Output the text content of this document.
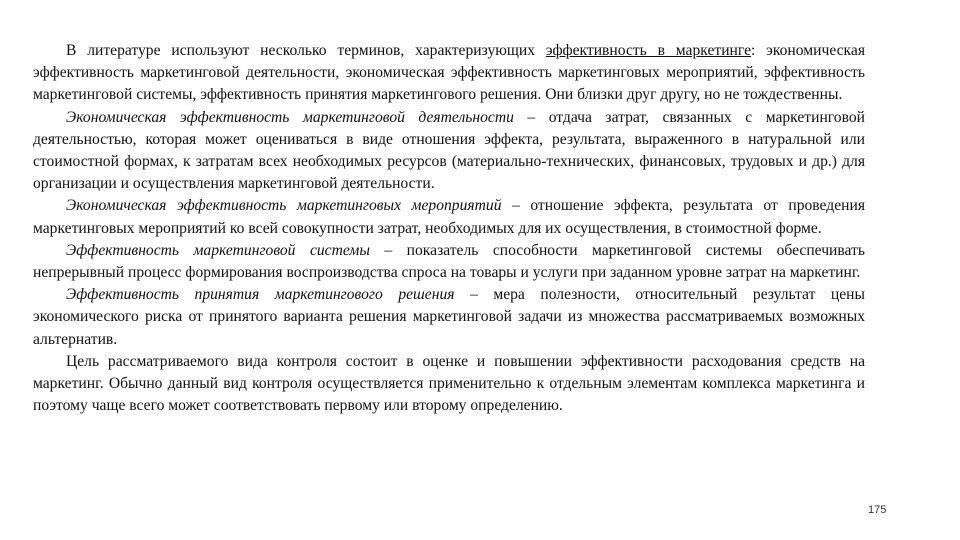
В литературе используют несколько терминов, характеризующих эффективность в маркетинге: экономическая эффективность маркетинговой деятельности, экономическая эффективность маркетинговых мероприятий, эффективность маркетинговой системы, эффективность принятия маркетингового решения. Они близки друг другу, но не тождественны.

Экономическая эффективность маркетинговой деятельности – отдача затрат, связанных с маркетинговой деятельностью, которая может оцениваться в виде отношения эффекта, результата, выраженного в натуральной или стоимостной формах, к затратам всех необходимых ресурсов (материально-технических, финансовых, трудовых и др.) для организации и осуществления маркетинговой деятельности.

Экономическая эффективность маркетинговых мероприятий – отношение эффекта, результата от проведения маркетинговых мероприятий ко всей совокупности затрат, необходимых для их осуществления, в стоимостной форме.

Эффективность маркетинговой системы – показатель способности маркетинговой системы обеспечивать непрерывный процесс формирования воспроизводства спроса на товары и услуги при заданном уровне затрат на маркетинг.

Эффективность принятия маркетингового решения – мера полезности, относительный результат цены экономического риска от принятого варианта решения маркетинговой задачи из множества рассматриваемых возможных альтернатив.

Цель рассматриваемого вида контроля состоит в оценке и повышении эффективности расходования средств на маркетинг. Обычно данный вид контроля осуществляется применительно к отдельным элементам комплекса маркетинга и поэтому чаще всего может соответствовать первому или второму определению.

175
